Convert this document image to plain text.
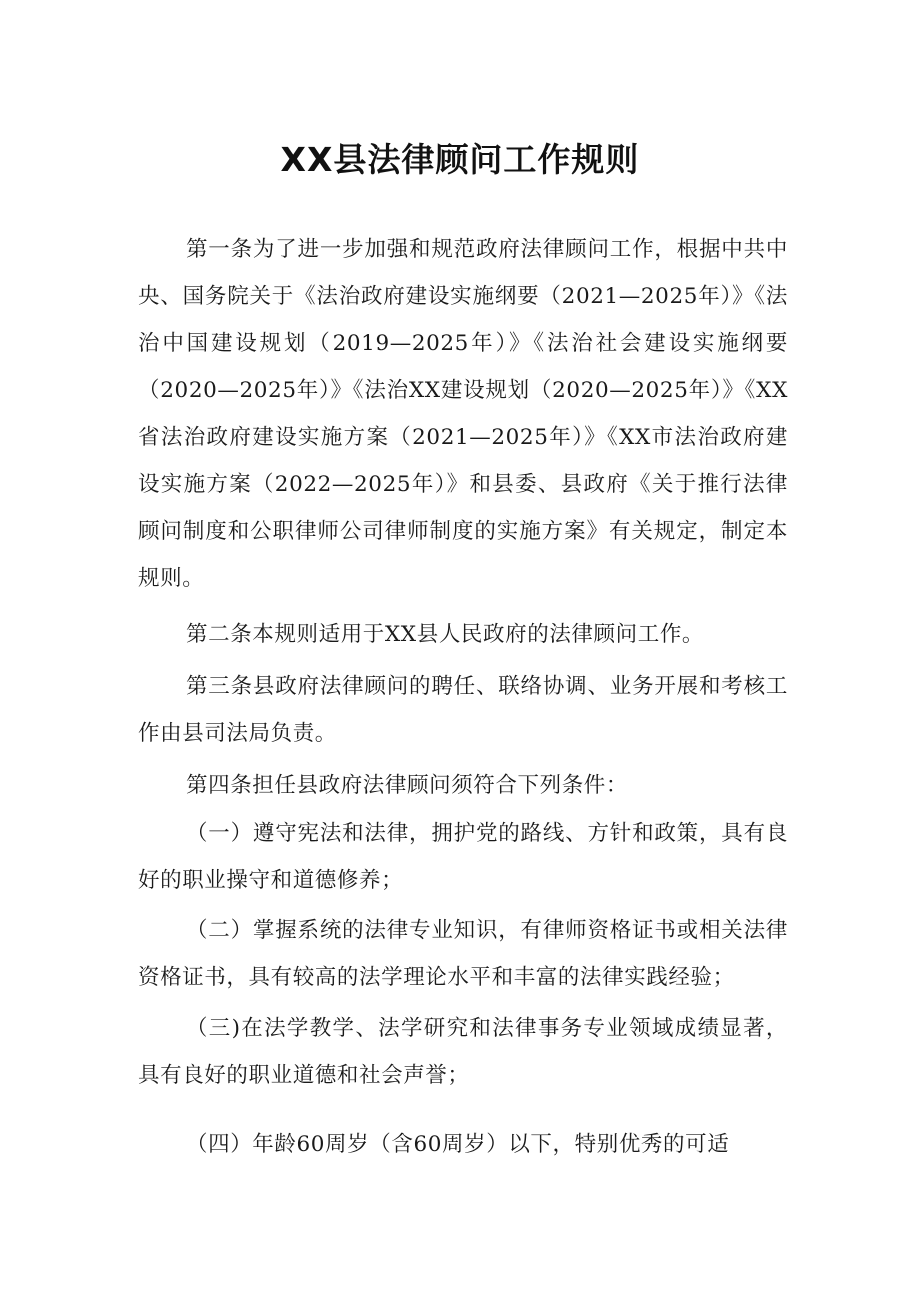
XX县法律顾问工作规则

第一条为了进一步加强和规范政府法律顾问工作，根据中共中央、国务院关于《法治政府建设实施纲要（2021—2025年）》《法治中国建设规划（2019—2025年）》《法治社会建设实施纲要（2020—2025年）》《法治XX建设规划（2020—2025年）》《XX省法治政府建设实施方案（2021—2025年）》《XX市法治政府建设实施方案（2022—2025年）》和县委、县政府《关于推行法律顾问制度和公职律师公司律师制度的实施方案》有关规定，制定本规则。

第二条本规则适用于XX县人民政府的法律顾问工作。

第三条县政府法律顾问的聘任、联络协调、业务开展和考核工作由县司法局负责。

第四条担任县政府法律顾问须符合下列条件：

（一）遵守宪法和法律，拥护党的路线、方针和政策，具有良好的职业操守和道德修养；

（二）掌握系统的法律专业知识，有律师资格证书或相关法律资格证书，具有较高的法学理论水平和丰富的法律实践经验；

（三)在法学教学、法学研究和法律事务专业领域成绩显著，具有良好的职业道德和社会声誉；

（四）年龄60周岁（含60周岁）以下，特别优秀的可适
